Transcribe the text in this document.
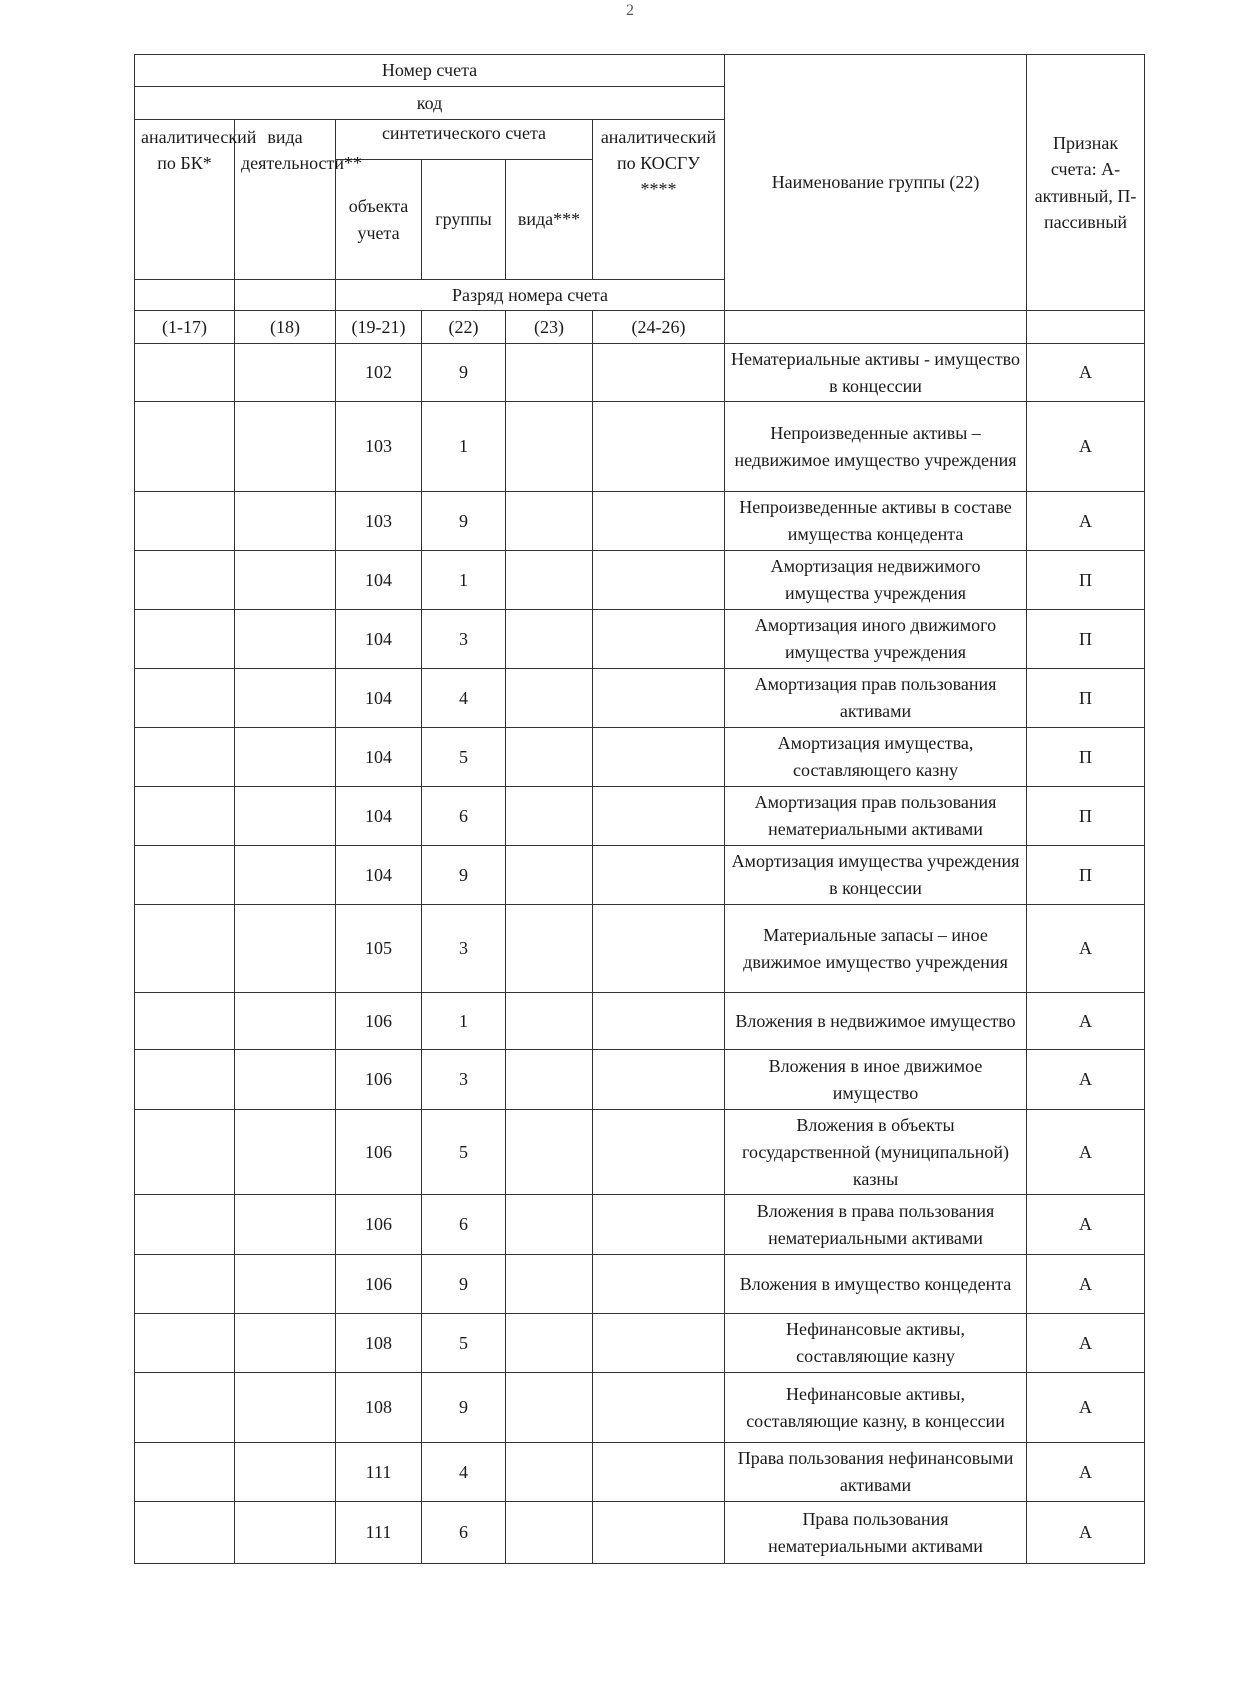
2
Номер счета						Наименование группы (22)	Признак счета: А- активный, П- пассивный
код							
аналитический по БК*	вида деятельности**	синтетического счета			аналитический по КОСГУ ****		
		объекта учета	группы	вида***			
		Разряд номера счета					
(1-17)	(18)	(19-21)	(22)	(23)	(24-26)		
		102	9			Нематериальные активы - имущество в концессии	А
		103	1			Непроизведенные активы – недвижимое имущество учреждения	А
		103	9			Непроизведенные активы в составе имущества концедента	А
		104	1			Амортизация недвижимого имущества учреждения	П
		104	3			Амортизация иного движимого имущества учреждения	П
		104	4			Амортизация прав пользования активами	П
		104	5			Амортизация имущества, составляющего казну	П
		104	6			Амортизация прав пользования нематериальными активами	П
		104	9			Амортизация имущества учреждения в концессии	П
		105	3			Материальные запасы – иное движимое имущество учреждения	А
		106	1			Вложения в недвижимое имущество	А
		106	3			Вложения в иное движимое имущество	А
		106	5			Вложения в объекты государственной (муниципальной) казны	А
		106	6			Вложения в права пользования нематериальными активами	А
		106	9			Вложения в имущество концедента	А
		108	5			Нефинансовые активы, составляющие казну	А
		108	9			Нефинансовые активы, составляющие казну, в концессии	А
		111	4			Права пользования нефинансовыми активами	А
		111	6			Права пользования нематериальными активами	А
